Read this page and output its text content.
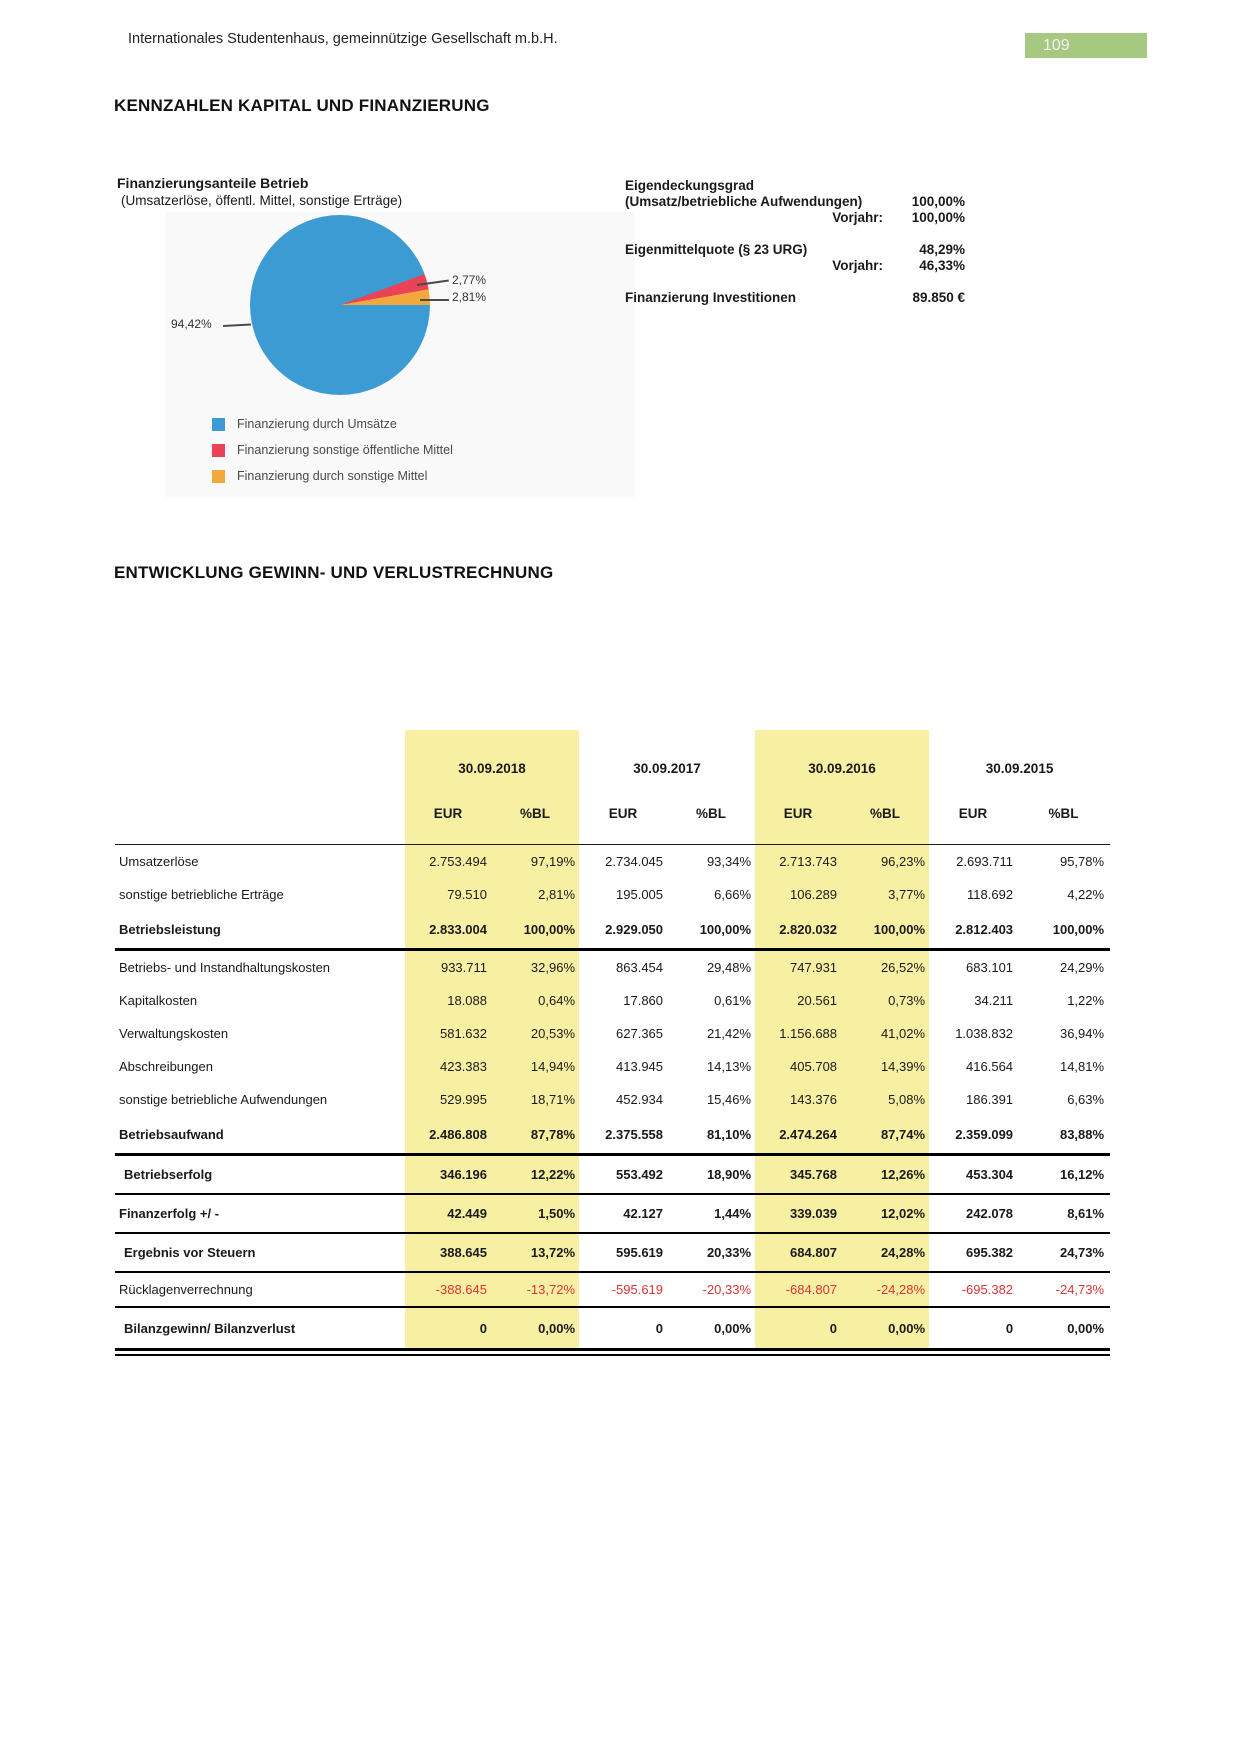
Internationales Studentenhaus, gemeinnützige Gesellschaft m.b.H.	109
KENNZAHLEN KAPITAL UND FINANZIERUNG
Finanzierungsanteile Betrieb
(Umsatzerlöse, öffentl. Mittel, sonstige Erträge)
94,42%
2,77%
2,81%
Finanzierung durch Umsätze
Finanzierung sonstige öffentliche Mittel
Finanzierung durch sonstige Mittel
Eigendeckungsgrad
(Umsatz/betriebliche Aufwendungen)	100,00%
Vorjahr:	100,00%
Eigenmittelquote (§ 23 URG)	48,29%
Vorjahr:	46,33%
Finanzierung Investitionen	89.850 €
ENTWICKLUNG GEWINN- UND VERLUSTRECHNUNG
	30.09.2018		30.09.2017		30.09.2016		30.09.2015	
	EUR	%BL	EUR	%BL	EUR	%BL	EUR	%BL
Umsatzerlöse	2.753.494	97,19%	2.734.045	93,34%	2.713.743	96,23%	2.693.711	95,78%
sonstige betriebliche Erträge	79.510	2,81%	195.005	6,66%	106.289	3,77%	118.692	4,22%
Betriebsleistung	2.833.004	100,00%	2.929.050	100,00%	2.820.032	100,00%	2.812.403	100,00%
Betriebs- und Instandhaltungskosten	933.711	32,96%	863.454	29,48%	747.931	26,52%	683.101	24,29%
Kapitalkosten	18.088	0,64%	17.860	0,61%	20.561	0,73%	34.211	1,22%
Verwaltungskosten	581.632	20,53%	627.365	21,42%	1.156.688	41,02%	1.038.832	36,94%
Abschreibungen	423.383	14,94%	413.945	14,13%	405.708	14,39%	416.564	14,81%
sonstige betriebliche Aufwendungen	529.995	18,71%	452.934	15,46%	143.376	5,08%	186.391	6,63%
Betriebsaufwand	2.486.808	87,78%	2.375.558	81,10%	2.474.264	87,74%	2.359.099	83,88%
Betriebserfolg	346.196	12,22%	553.492	18,90%	345.768	12,26%	453.304	16,12%
Finanzerfolg +/ -	42.449	1,50%	42.127	1,44%	339.039	12,02%	242.078	8,61%
Ergebnis vor Steuern	388.645	13,72%	595.619	20,33%	684.807	24,28%	695.382	24,73%
Rücklagenverrechnung	-388.645	-13,72%	-595.619	-20,33%	-684.807	-24,28%	-695.382	-24,73%
Bilanzgewinn/ Bilanzverlust	0	0,00%	0	0,00%	0	0,00%	0	0,00%
